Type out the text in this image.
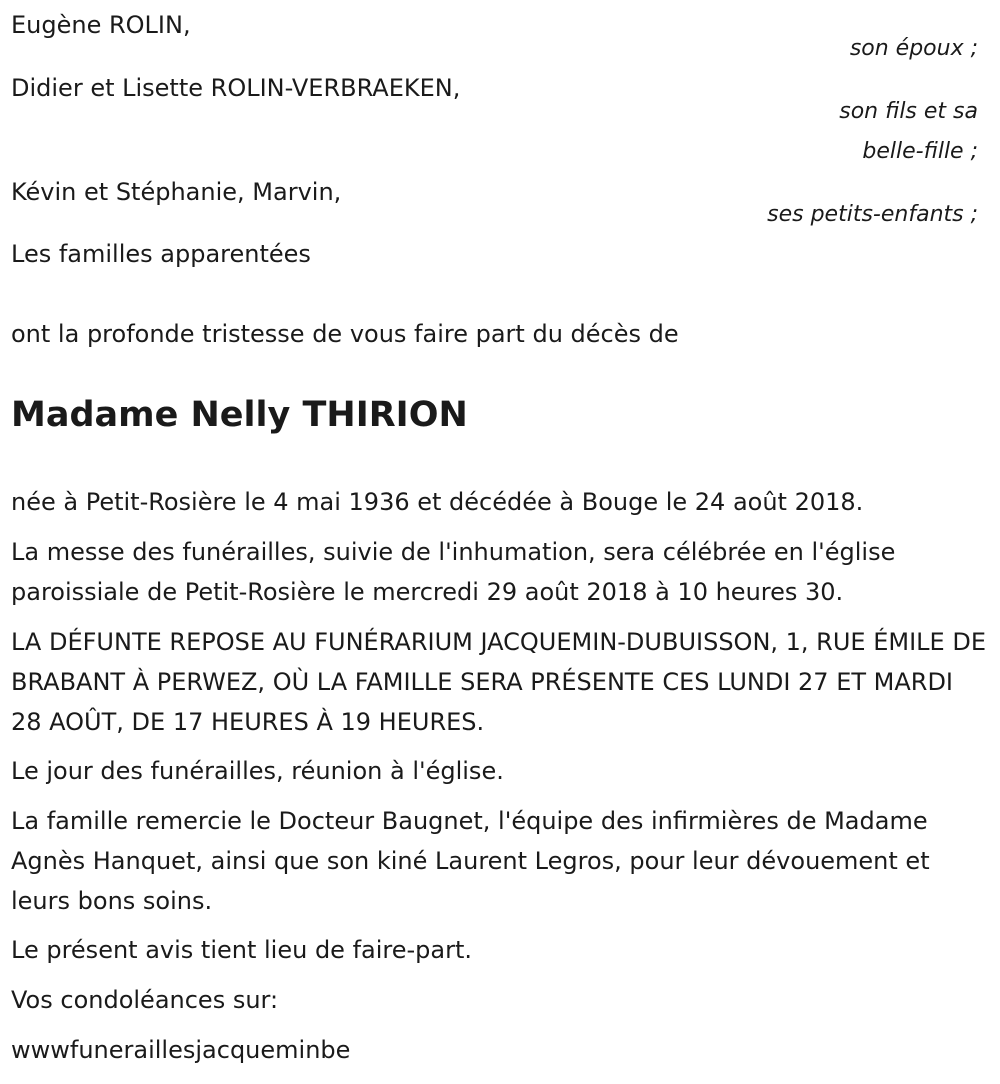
Eugène ROLIN,

son époux ;

Didier et Lisette ROLIN-VERBRAEKEN,

son fils et sa
belle-fille ;

Kévin et Stéphanie, Marvin,

ses petits-enfants ;

Les familles apparentées

ont la profonde tristesse de vous faire part du décès de

Madame Nelly THIRION

née à Petit-Rosière le 4 mai 1936 et décédée à Bouge le 24 août 2018.

La messe des funérailles, suivie de l'inhumation, sera célébrée en l'église paroissiale de Petit-Rosière le mercredi 29 août 2018 à 10 heures 30.

LA DÉFUNTE REPOSE AU FUNÉRARIUM JACQUEMIN-DUBUISSON, 1, RUE ÉMILE DE BRABANT À PERWEZ, OÙ LA FAMILLE SERA PRÉSENTE CES LUNDI 27 ET MARDI 28 AOÛT, DE 17 HEURES À 19 HEURES.

Le jour des funérailles, réunion à l'église.

La famille remercie le Docteur Baugnet, l'équipe des infirmières de Madame Agnès Hanquet, ainsi que son kiné Laurent Legros, pour leur dévouement et leurs bons soins.

Le présent avis tient lieu de faire-part.

Vos condoléances sur:

wwwfuneraillesjacqueminbe
